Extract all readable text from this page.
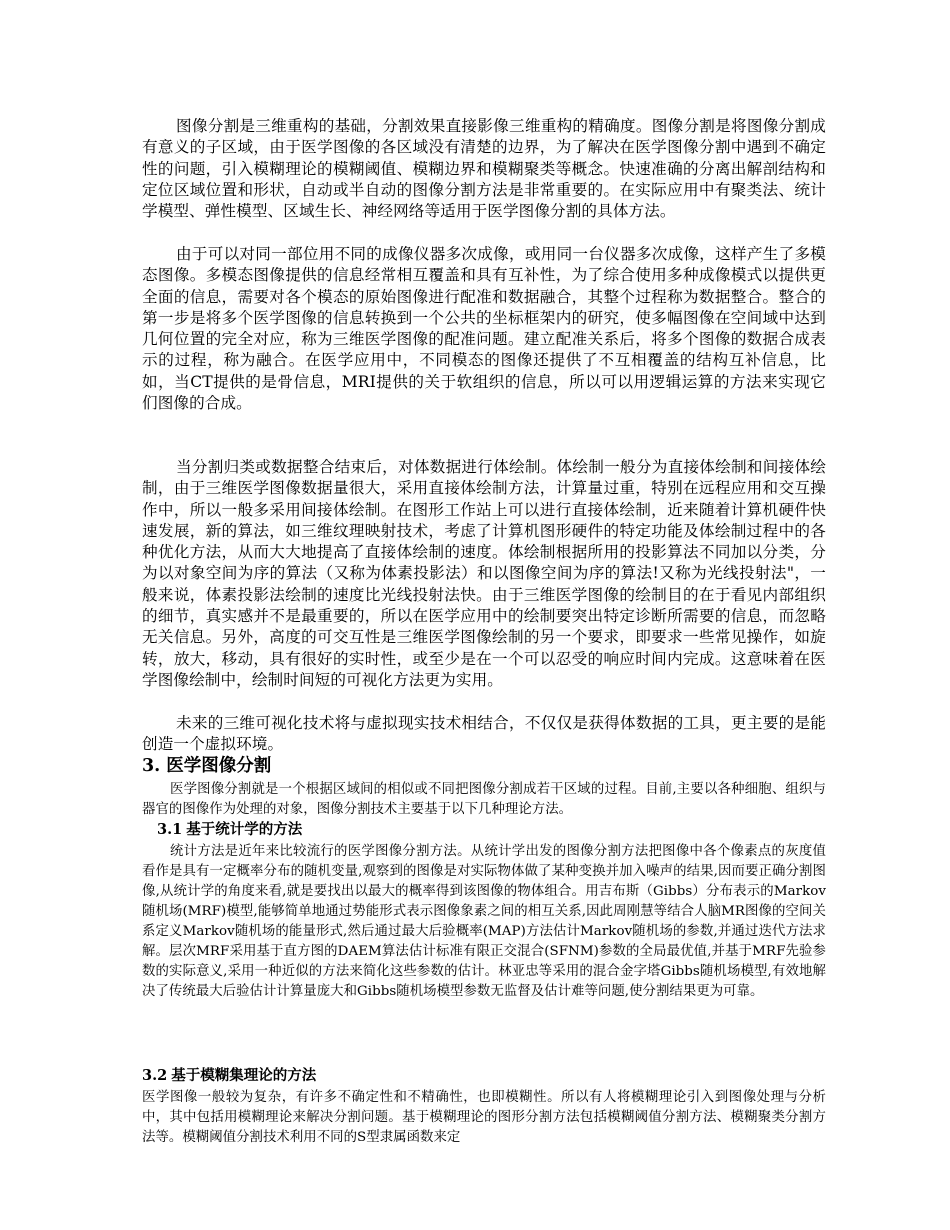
图像分割是三维重构的基础，分割效果直接影像三维重构的精确度。图像分割是将图像分割成有意义的子区域，由于医学图像的各区域没有清楚的边界，为了解决在医学图像分割中遇到不确定性的问题，引入模糊理论的模糊阈值、模糊边界和模糊聚类等概念。快速准确的分离出解剖结构和定位区域位置和形状，自动或半自动的图像分割方法是非常重要的。在实际应用中有聚类法、统计学模型、弹性模型、区域生长、神经网络等适用于医学图像分割的具体方法。

由于可以对同一部位用不同的成像仪器多次成像，或用同一台仪器多次成像，这样产生了多模态图像。多模态图像提供的信息经常相互覆盖和具有互补性，为了综合使用多种成像模式以提供更全面的信息，需要对各个模态的原始图像进行配准和数据融合，其整个过程称为数据整合。整合的第一步是将多个医学图像的信息转换到一个公共的坐标框架内的研究，使多幅图像在空间域中达到几何位置的完全对应，称为三维医学图像的配准问题。建立配准关系后，将多个图像的数据合成表示的过程，称为融合。在医学应用中，不同模态的图像还提供了不互相覆盖的结构互补信息，比如，当CT提供的是骨信息，MRI提供的关于软组织的信息，所以可以用逻辑运算的方法来实现它们图像的合成。

当分割归类或数据整合结束后，对体数据进行体绘制。体绘制一般分为直接体绘制和间接体绘制，由于三维医学图像数据量很大，采用直接体绘制方法，计算量过重，特别在远程应用和交互操作中，所以一般多采用间接体绘制。在图形工作站上可以进行直接体绘制，近来随着计算机硬件快速发展，新的算法，如三维纹理映射技术，考虑了计算机图形硬件的特定功能及体绘制过程中的各种优化方法，从而大大地提高了直接体绘制的速度。体绘制根据所用的投影算法不同加以分类，分为以对象空间为序的算法（又称为体素投影法）和以图像空间为序的算法!又称为光线投射法"，一般来说，体素投影法绘制的速度比光线投射法快。由于三维医学图像的绘制目的在于看见内部组织的细节，真实感并不是最重要的，所以在医学应用中的绘制要突出特定诊断所需要的信息，而忽略无关信息。另外，高度的可交互性是三维医学图像绘制的另一个要求，即要求一些常见操作，如旋转，放大，移动，具有很好的实时性，或至少是在一个可以忍受的响应时间内完成。这意味着在医学图像绘制中，绘制时间短的可视化方法更为实用。

未来的三维可视化技术将与虚拟现实技术相结合，不仅仅是获得体数据的工具，更主要的是能创造一个虚拟环境。

3. 医学图像分割

医学图像分割就是一个根据区域间的相似或不同把图像分割成若干区域的过程。目前,主要以各种细胞、组织与器官的图像作为处理的对象，图像分割技术主要基于以下几种理论方法。

3.1 基于统计学的方法

统计方法是近年来比较流行的医学图像分割方法。从统计学出发的图像分割方法把图像中各个像素点的灰度值看作是具有一定概率分布的随机变量,观察到的图像是对实际物体做了某种变换并加入噪声的结果,因而要正确分割图像,从统计学的角度来看,就是要找出以最大的概率得到该图像的物体组合。用吉布斯（Gibbs）分布表示的Markov随机场(MRF)模型,能够简单地通过势能形式表示图像象素之间的相互关系,因此周刚慧等结合人脑MR图像的空间关系定义Markov随机场的能量形式,然后通过最大后验概率(MAP)方法估计Markov随机场的参数,并通过迭代方法求解。层次MRF采用基于直方图的DAEM算法估计标准有限正交混合(SFNM)参数的全局最优值,并基于MRF先验参数的实际意义,采用一种近似的方法来简化这些参数的估计。林亚忠等采用的混合金字塔Gibbs随机场模型,有效地解决了传统最大后验估计计算量庞大和Gibbs随机场模型参数无监督及估计难等问题,使分割结果更为可靠。

3.2 基于模糊集理论的方法

医学图像一般较为复杂，有许多不确定性和不精确性，也即模糊性。所以有人将模糊理论引入到图像处理与分析中，其中包括用模糊理论来解决分割问题。基于模糊理论的图形分割方法包括模糊阈值分割方法、模糊聚类分割方法等。模糊阈值分割技术利用不同的S型隶属函数来定
